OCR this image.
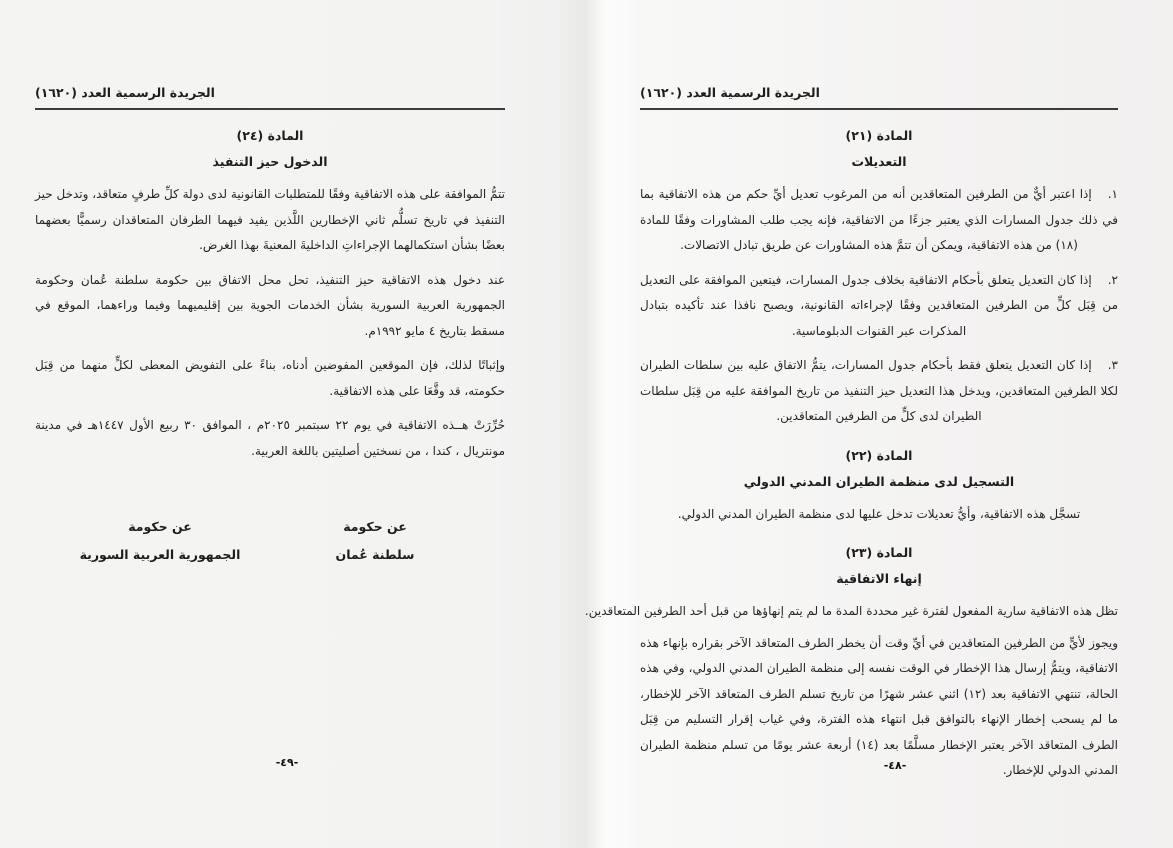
الجريدة الرسمية العدد (١٦٢٠)
المادة (٢٤)
الدخول حيز التنفيذ

تتمُّ الموافقة على هذه الاتفاقية وفقًا للمتطلبات القانونية لدى دولة كلِّ طرفٍ متعاقد، وتدخل حيز التنفيذ في تاريخ تسلُّم ثاني الإخطارين اللَّذين يفيد فيهما الطرفان المتعاقدان رسميًّا بعضهما بعضًا بشأن استكمالهما الإجراءاتِ الداخليةَ المعنيةَ بهذا الغرض.

عند دخول هذه الاتفاقية حيز التنفيذ، تحل محل الاتفاق بين حكومة سلطنة عُمان وحكومة الجمهورية العربية السورية بشأن الخدمات الجوية بين إقليميهما وفيما وراءهما، الموقع في مسقط بتاريخ ٤ مايو ١٩٩٢م.

وإثباتًا لذلك، فإن الموقعين المفوضين أدناه، بناءً على التفويض المعطى لكلٍّ منهما من قِبَل حكومته، قد وقَّعَا على هذه الاتفاقية.

حُرِّرَتْ هــذه الاتفاقية في يوم ٢٢ سبتمبر ٢٠٢٥م ، الموافق ٣٠ ربيع الأول ١٤٤٧هـ في مدينة مونتريال ، كندا ، من نسختين أصليتين باللغة العربية.

عن حكومة
سلطنة عُمان
عن حكومة
الجمهورية العربية السورية
الجريدة الرسمية العدد (١٦٢٠)
المادة (٢١)
التعديلات
١.إذا اعتبر أيٌّ من الطرفين المتعاقدين أنه من المرغوب تعديل أيِّ حكم من هذه الاتفاقية بما في ذلك جدول المسارات الذي يعتبر جزءًا من الاتفاقية، فإنه يجب طلب المشاورات وفقًا للمادة (١٨) من هذه الاتفاقية، ويمكن أن تتمَّ هذه المشاورات عن طريق تبادل الاتصالات.
٢.إذا كان التعديل يتعلق بأحكام الاتفاقية بخلاف جدول المسارات، فيتعين الموافقة على التعديل من قِبَل كلٍّ من الطرفين المتعاقدين وفقًا لإجراءاته القانونية، ويصبح نافذا عند تأكيده بتبادل المذكرات عبر القنوات الدبلوماسية.
٣.إذا كان التعديل يتعلق فقط بأحكام جدول المسارات، يتمُّ الاتفاق عليه بين سلطات الطيران لكلا الطرفين المتعاقدين، ويدخل هذا التعديل حيز التنفيذ من تاريخ الموافقة عليه من قِبَل سلطات الطيران لدى كلٍّ من الطرفين المتعاقدين.
المادة (٢٢)
التسجيل لدى منظمة الطيران المدني الدولي
تسجَّل هذه الاتفاقية، وأيُّ تعديلات تدخل عليها لدى منظمة الطيران المدني الدولي.
المادة (٢٣)
إنهاء الاتفاقية
تظل هذه الاتفاقية سارية المفعول لفترة غير محددة المدة ما لم يتم إنهاؤها من قبل أحد الطرفين المتعاقدين.

ويجوز لأيٍّ من الطرفين المتعاقدين في أيِّ وقت أن يخطر الطرف المتعاقد الآخر بقراره بإنهاء هذه الاتفاقية، ويتمُّ إرسال هذا الإخطار في الوقت نفسه إلى منظمة الطيران المدني الدولي، وفي هذه الحالة، تنتهي الاتفاقية بعد (١٢) اثني عشر شهرًا من تاريخ تسلم الطرف المتعاقد الآخر للإخطار، ما لم يسحب إخطار الإنهاء بالتوافق قبل انتهاء هذه الفترة، وفي غياب إقرار التسليم من قِبَل الطرف المتعاقد الآخر يعتبر الإخطار مسلَّمًا بعد (١٤) أربعة عشر يومًا من تسلم منظمة الطيران المدني الدولي للإخطار.

-٤٩-	-٤٨-
